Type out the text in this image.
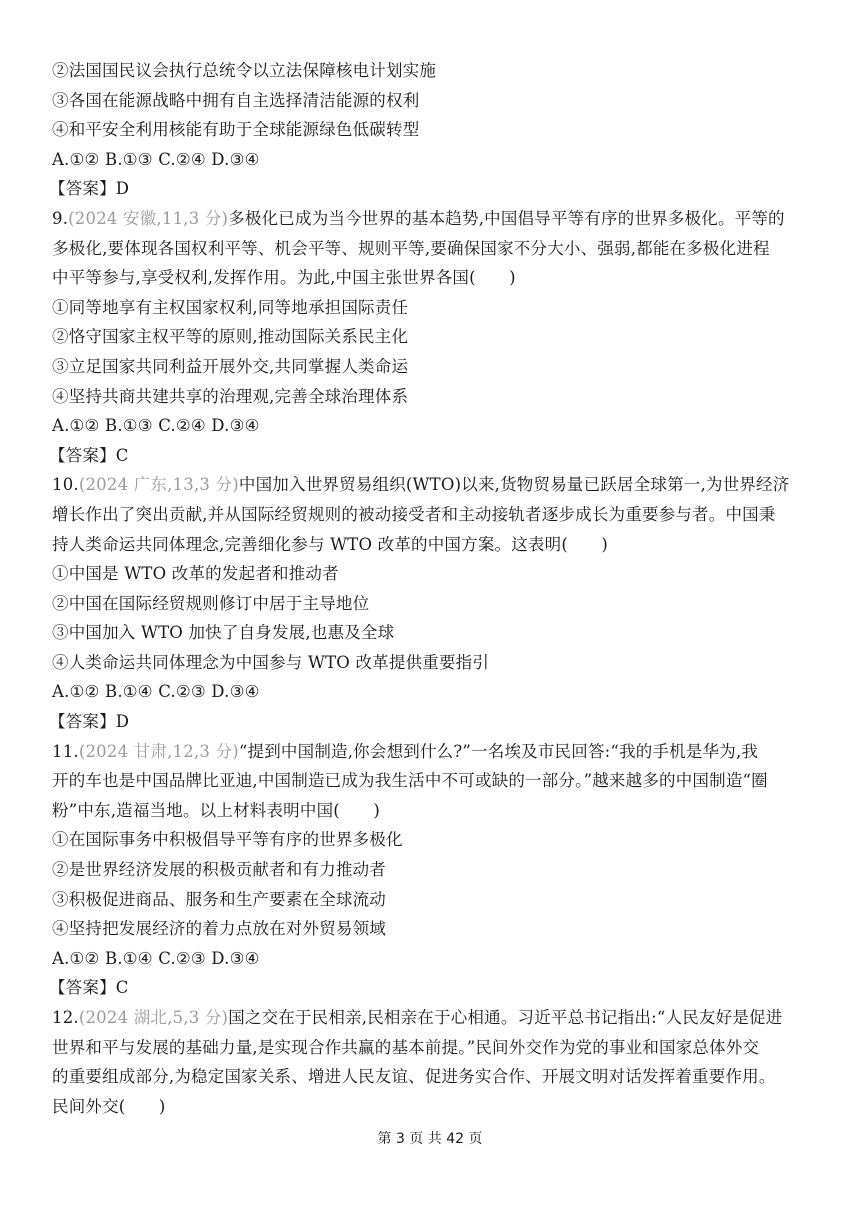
②法国国民议会执行总统令以立法保障核电计划实施
③各国在能源战略中拥有自主选择清洁能源的权利
④和平安全利用核能有助于全球能源绿色低碳转型
A.①② B.①③ C.②④ D.③④
【答案】D
9.(2024 安徽,11,3 分)多极化已成为当今世界的基本趋势,中国倡导平等有序的世界多极化。平等的
多极化,要体现各国权利平等、机会平等、规则平等,要确保国家不分大小、强弱,都能在多极化进程
中平等参与,享受权利,发挥作用。为此,中国主张世界各国(　　)
①同等地享有主权国家权利,同等地承担国际责任
②恪守国家主权平等的原则,推动国际关系民主化
③立足国家共同利益开展外交,共同掌握人类命运
④坚持共商共建共享的治理观,完善全球治理体系
A.①② B.①③ C.②④ D.③④
【答案】C
10.(2024 广东,13,3 分)中国加入世界贸易组织(WTO)以来,货物贸易量已跃居全球第一,为世界经济
增长作出了突出贡献,并从国际经贸规则的被动接受者和主动接轨者逐步成长为重要参与者。中国秉
持人类命运共同体理念,完善细化参与 WTO 改革的中国方案。这表明(　　)
①中国是 WTO 改革的发起者和推动者
②中国在国际经贸规则修订中居于主导地位
③中国加入 WTO 加快了自身发展,也惠及全球
④人类命运共同体理念为中国参与 WTO 改革提供重要指引
A.①② B.①④ C.②③ D.③④
【答案】D
11.(2024 甘肃,12,3 分)“提到中国制造,你会想到什么?”一名埃及市民回答:“我的手机是华为,我
开的车也是中国品牌比亚迪,中国制造已成为我生活中不可或缺的一部分。”越来越多的中国制造“圈
粉”中东,造福当地。以上材料表明中国(　　)
①在国际事务中积极倡导平等有序的世界多极化
②是世界经济发展的积极贡献者和有力推动者
③积极促进商品、服务和生产要素在全球流动
④坚持把发展经济的着力点放在对外贸易领域
A.①② B.①④ C.②③ D.③④
【答案】C
12.(2024 湖北,5,3 分)国之交在于民相亲,民相亲在于心相通。习近平总书记指出:“人民友好是促进
世界和平与发展的基础力量,是实现合作共赢的基本前提。”民间外交作为党的事业和国家总体外交
的重要组成部分,为稳定国家关系、增进人民友谊、促进务实合作、开展文明对话发挥着重要作用。
民间外交(　　)
第 3 页 共 42 页
